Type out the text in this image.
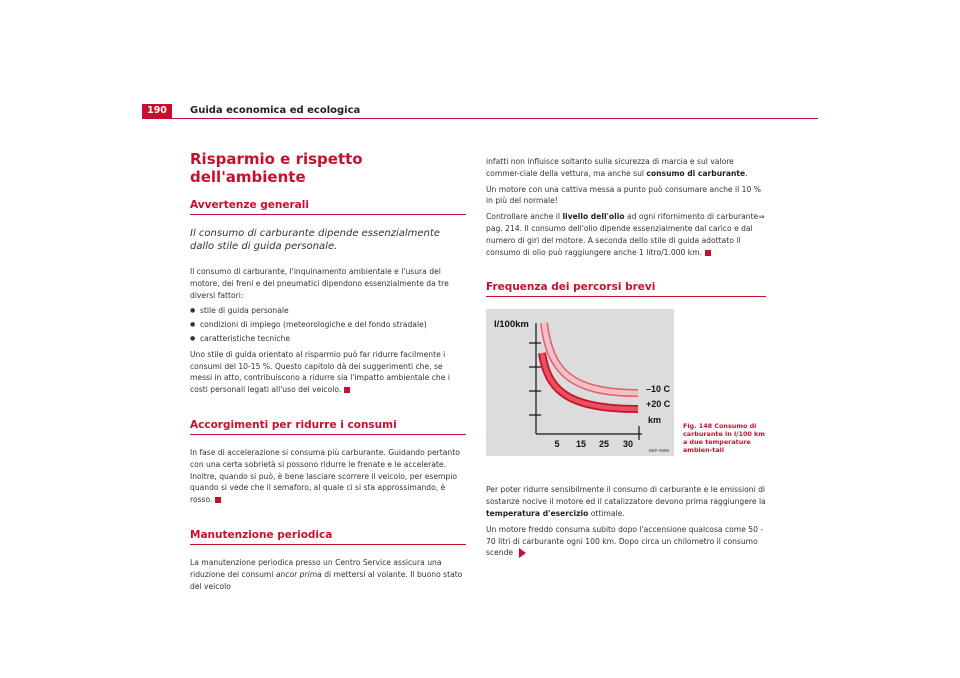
190	Guida economica ed ecologica
Risparmio e rispetto dell'ambiente
Avvertenze generali
Il consumo di carburante dipende essenzialmente dallo stile di guida personale.

Il consumo di carburante, l'inquinamento ambientale e l'usura del motore, dei freni e dei pneumatici dipendono essenzialmente da tre diversi fattori:

● stile di guida personale
● condizioni di impiego (meteorologiche e del fondo stradale)
● caratteristiche tecniche

Uno stile di guida orientato al risparmio può far ridurre facilmente i consumi del 10-15 %. Questo capitolo dà dei suggerimenti che, se messi in atto, contribuiscono a ridurre sia l'impatto ambientale che i costi personali legati all'uso del veicolo.

Accorgimenti per ridurre i consumi

In fase di accelerazione si consuma più carburante. Guidando pertanto con una certa sobrietà si possono ridurre le frenate e le accelerate. Inoltre, quando si può, è bene lasciare scorrere il veicolo, per esempio quando si vede che il semaforo, al quale ci si sta approssimando, è rosso.

Manutenzione periodica

La manutenzione periodica presso un Centro Service assicura una riduzione dei consumi ancor prima di mettersi al volante. Il buono stato del veicolo

infatti non influisce soltanto sulla sicurezza di marcia e sul valore commer-ciale della vettura, ma anche sul consumo di carburante.

Un motore con una cattiva messa a punto può consumare anche il 10 % in più del normale!

Controllare anche il livello dell'olio ad ogni rifornimento di carburante⇒ pag. 214. Il consumo dell'olio dipende essenzialmente dal carico e dal numero di giri del motore. A seconda dello stile di guida adottato il consumo di olio può raggiungere anche 1 litro/1.000 km.

Frequenza dei percorsi brevi
l/100km
–10 C
+20 C
km
5 15 25 30
B5P-0096

Per poter ridurre sensibilmente il consumo di carburante e le emissioni di sostanze nocive il motore ed il catalizzatore devono prima raggiungere la temperatura d'esercizio ottimale.

Un motore freddo consuma subito dopo l'accensione qualcosa come 50 - 70 litri di carburante ogni 100 km. Dopo circa un chilometro il consumo scende

Fig. 148 Consumo di carburante in l/100 km a due temperature ambien-tali
